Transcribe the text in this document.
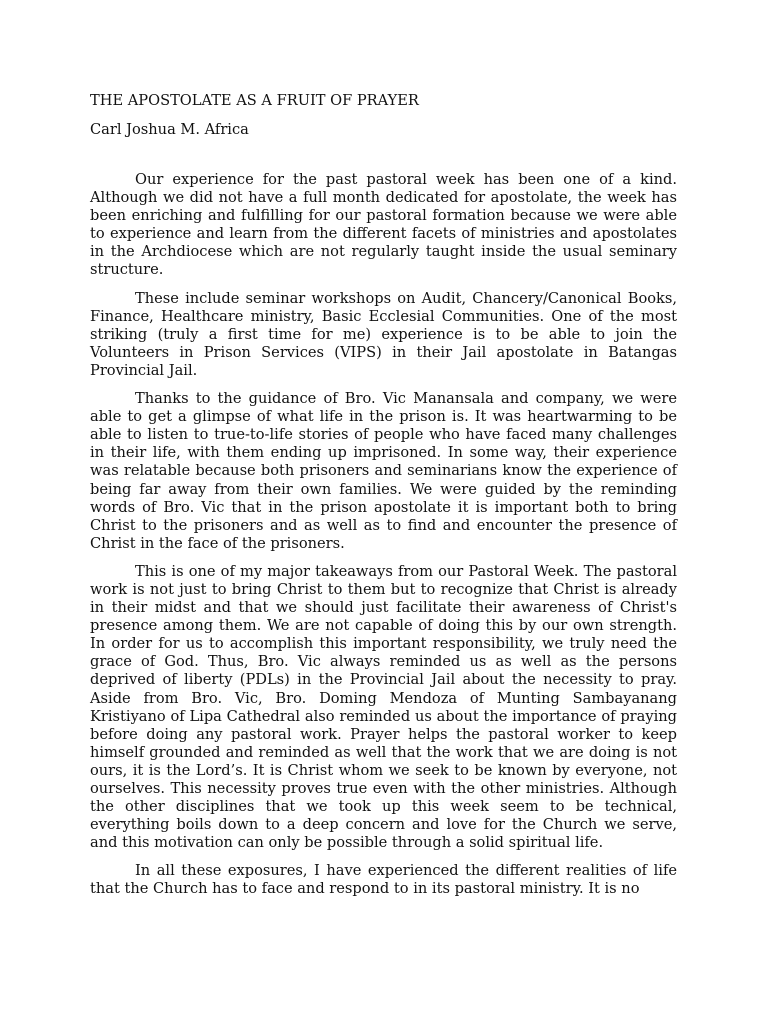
THE APOSTOLATE AS A FRUIT OF PRAYER

Carl Joshua M. Africa

Our experience for the past pastoral week has been one of a kind. Although we did not have a full month dedicated for apostolate, the week has been enriching and fulfilling for our pastoral formation because we were able to experience and learn from the different facets of ministries and apostolates in the Archdiocese which are not regularly taught inside the usual seminary structure.

These include seminar workshops on Audit, Chancery/Canonical Books, Finance, Healthcare ministry, Basic Ecclesial Communities. One of the most striking (truly a first time for me) experience is to be able to join the Volunteers in Prison Services (VIPS) in their Jail apostolate in Batangas Provincial Jail.

Thanks to the guidance of Bro. Vic Manansala and company, we were able to get a glimpse of what life in the prison is. It was heartwarming to be able to listen to true-to-life stories of people who have faced many challenges in their life, with them ending up imprisoned. In some way, their experience was relatable because both prisoners and seminarians know the experience of being far away from their own families. We were guided by the reminding words of Bro. Vic that in the prison apostolate it is important both to bring Christ to the prisoners and as well as to find and encounter the presence of Christ in the face of the prisoners.

This is one of my major takeaways from our Pastoral Week. The pastoral work is not just to bring Christ to them but to recognize that Christ is already in their midst and that we should just facilitate their awareness of Christ's presence among them. We are not capable of doing this by our own strength. In order for us to accomplish this important responsibility, we truly need the grace of God. Thus, Bro. Vic always reminded us as well as the persons deprived of liberty (PDLs) in the Provincial Jail about the necessity to pray. Aside from Bro. Vic, Bro. Doming Mendoza of Munting Sambayanang Kristiyano of Lipa Cathedral also reminded us about the importance of praying before doing any pastoral work. Prayer helps the pastoral worker to keep himself grounded and reminded as well that the work that we are doing is not ours, it is the Lord’s. It is Christ whom we seek to be known by everyone, not ourselves. This necessity proves true even with the other ministries. Although the other disciplines that we took up this week seem to be technical, everything boils down to a deep concern and love for the Church we serve, and this motivation can only be possible through a solid spiritual life.

In all these exposures, I have experienced the different realities of life that the Church has to face and respond to in its pastoral ministry. It is no
